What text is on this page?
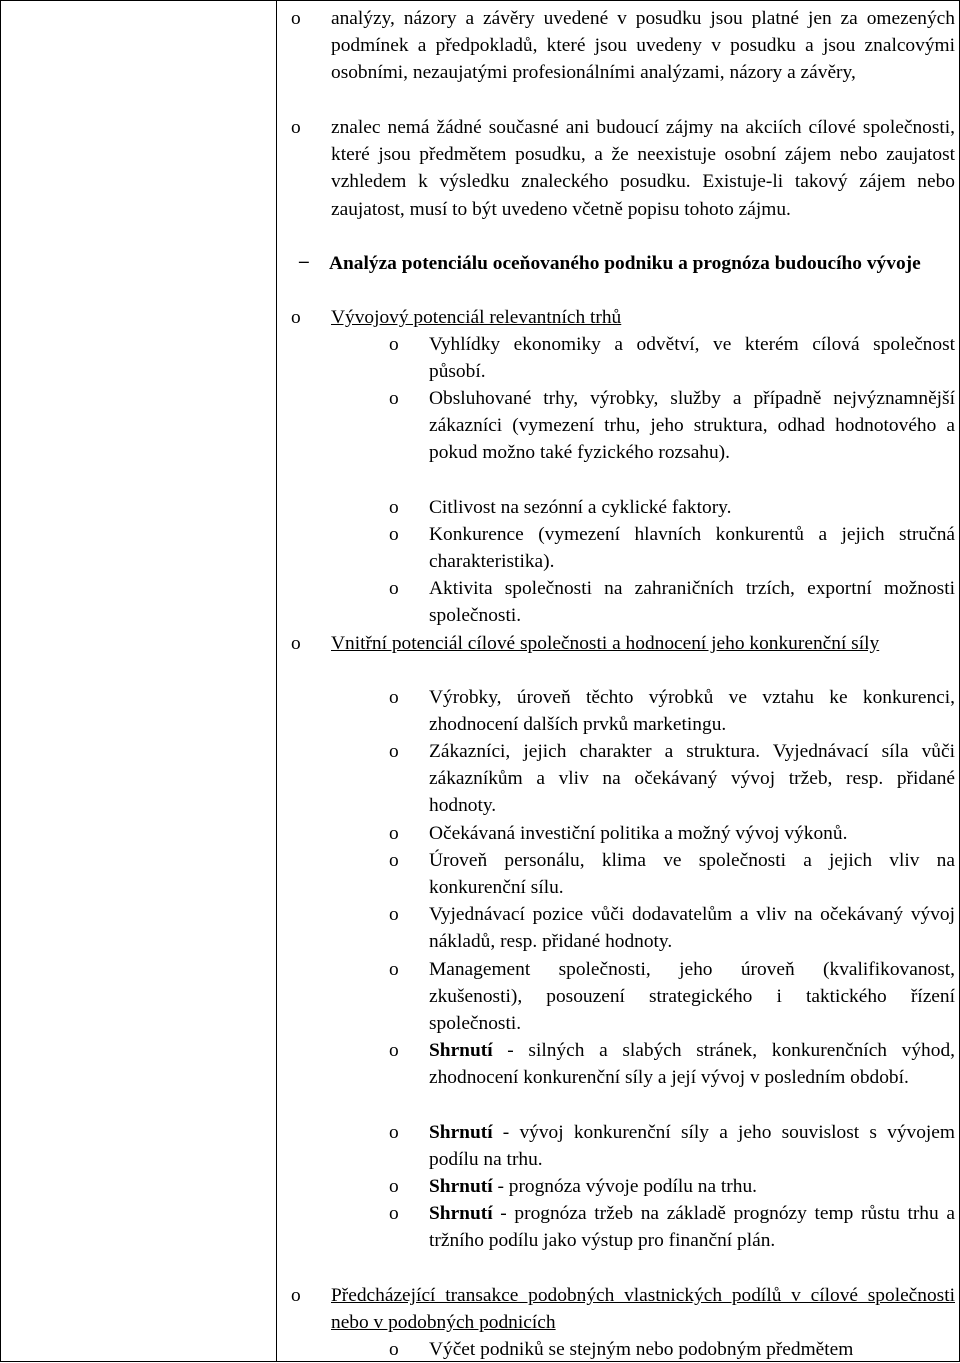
o analýzy, názory a závěry uvedené v posudku jsou platné jen za omezených podmínek a předpokladů, které jsou uvedeny v posudku a jsou znalcovými osobními, nezaujatými profesionálními analýzami, názory a závěry,
o znalec nemá žádné současné ani budoucí zájmy na akciích cílové společnosti, které jsou předmětem posudku, a že neexistuje osobní zájem nebo zaujatost vzhledem k výsledku znaleckého posudku. Existuje-li takový zájem nebo zaujatost, musí to být uvedeno včetně popisu tohoto zájmu.
– Analýza potenciálu oceňovaného podniku a prognóza budoucího vývoje
o Vývojový potenciál relevantních trhů
o Vyhlídky ekonomiky a odvětví, ve kterém cílová společnost působí.
o Obsluhované trhy, výrobky, služby a případně nejvýznamnější zákazníci (vymezení trhu, jeho struktura, odhad hodnotového a pokud možno také fyzického rozsahu).
o Citlivost na sezónní a cyklické faktory.
o Konkurence (vymezení hlavních konkurentů a jejich stručná charakteristika).
o Aktivita společnosti na zahraničních trzích, exportní možnosti společnosti.
o Vnitřní potenciál cílové společnosti a hodnocení jeho konkurenční síly
o Výrobky, úroveň těchto výrobků ve vztahu ke konkurenci, zhodnocení dalších prvků marketingu.
o Zákazníci, jejich charakter a struktura. Vyjednávací síla vůči zákazníkům a vliv na očekávaný vývoj tržeb, resp. přidané hodnoty.
o Očekávaná investiční politika a možný vývoj výkonů.
o Úroveň personálu, klima ve společnosti a jejich vliv na konkurenční sílu.
o Vyjednávací pozice vůči dodavatelům a vliv na očekávaný vývoj nákladů, resp. přidané hodnoty.
o Management společnosti, jeho úroveň (kvalifikovanost, zkušenosti), posouzení strategického i taktického řízení společnosti.
o Shrnutí - silných a slabých stránek, konkurenčních výhod, zhodnocení konkurenční síly a její vývoj v posledním období.
o Shrnutí - vývoj konkurenční síly a jeho souvislost s vývojem podílu na trhu.
o Shrnutí - prognóza vývoje podílu na trhu.
o Shrnutí - prognóza tržeb na základě prognózy temp růstu trhu a tržního podílu jako výstup pro finanční plán.
o Předcházející transakce podobných vlastnických podílů v cílové společnosti nebo v podobných podnicích
o Výčet podniků se stejným nebo podobným předmětem
